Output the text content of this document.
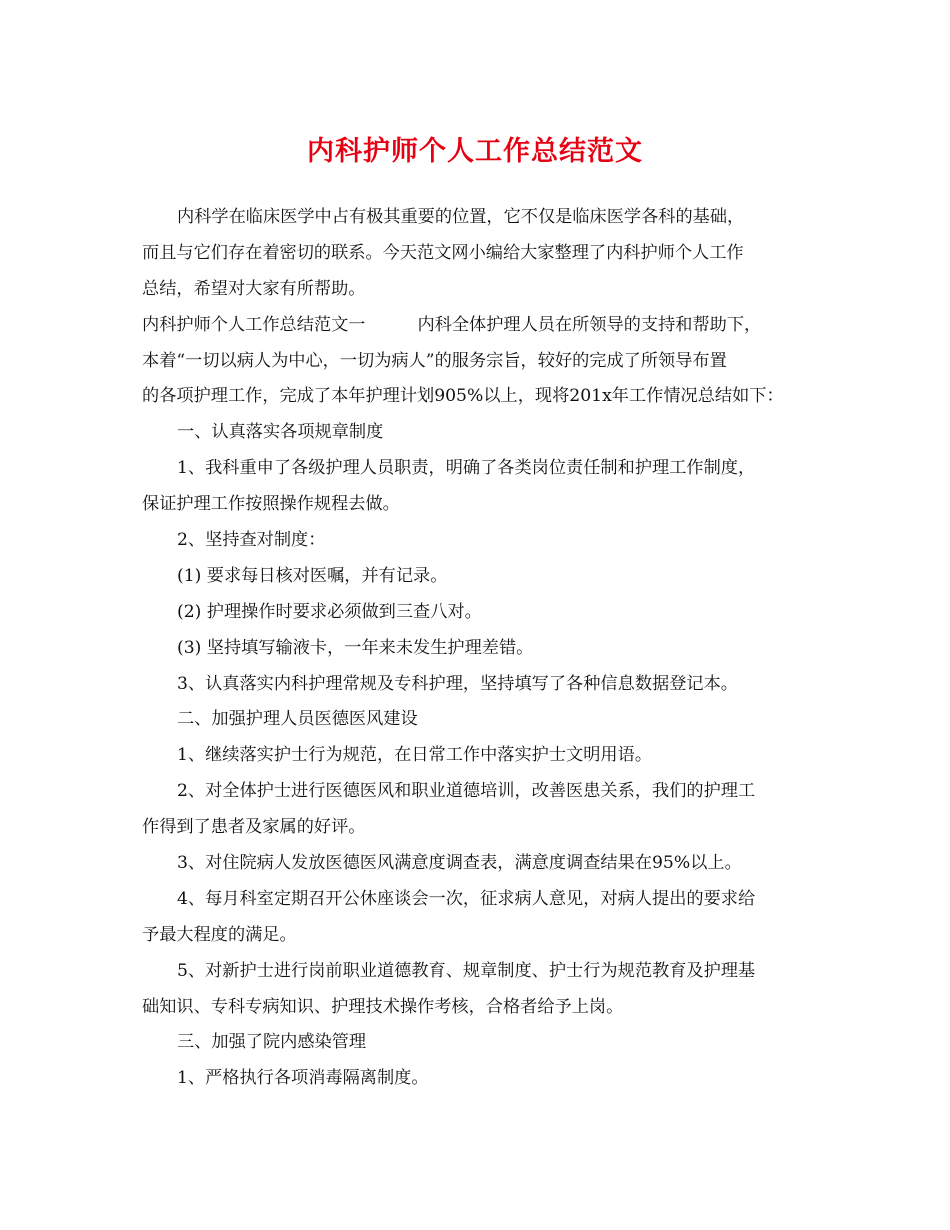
内科护师个人工作总结范文

内科学在临床医学中占有极其重要的位置，它不仅是临床医学各科的基础，

而且与它们存在着密切的联系。今天范文网小编给大家整理了内科护师个人工作

总结，希望对大家有所帮助。

内科护师个人工作总结范文一	内科全体护理人员在所领导的支持和帮助下，

本着“一切以病人为中心，一切为病人”的服务宗旨，较好的完成了所领导布置

的各项护理工作，完成了本年护理计划905%以上，现将201x年工作情况总结如下：

一、认真落实各项规章制度

1、我科重申了各级护理人员职责，明确了各类岗位责任制和护理工作制度，

保证护理工作按照操作规程去做。

2、坚持查对制度：

(1) 要求每日核对医嘱，并有记录。

(2) 护理操作时要求必须做到三查八对。

(3) 坚持填写输液卡，一年来未发生护理差错。

3、认真落实内科护理常规及专科护理，坚持填写了各种信息数据登记本。

二、加强护理人员医德医风建设

1、继续落实护士行为规范，在日常工作中落实护士文明用语。

2、对全体护士进行医德医风和职业道德培训，改善医患关系，我们的护理工

作得到了患者及家属的好评。

3、对住院病人发放医德医风满意度调查表，满意度调查结果在95%以上。

4、每月科室定期召开公休座谈会一次，征求病人意见，对病人提出的要求给

予最大程度的满足。

5、对新护士进行岗前职业道德教育、规章制度、护士行为规范教育及护理基

础知识、专科专病知识、护理技术操作考核，合格者给予上岗。

三、加强了院内感染管理

1、严格执行各项消毒隔离制度。
